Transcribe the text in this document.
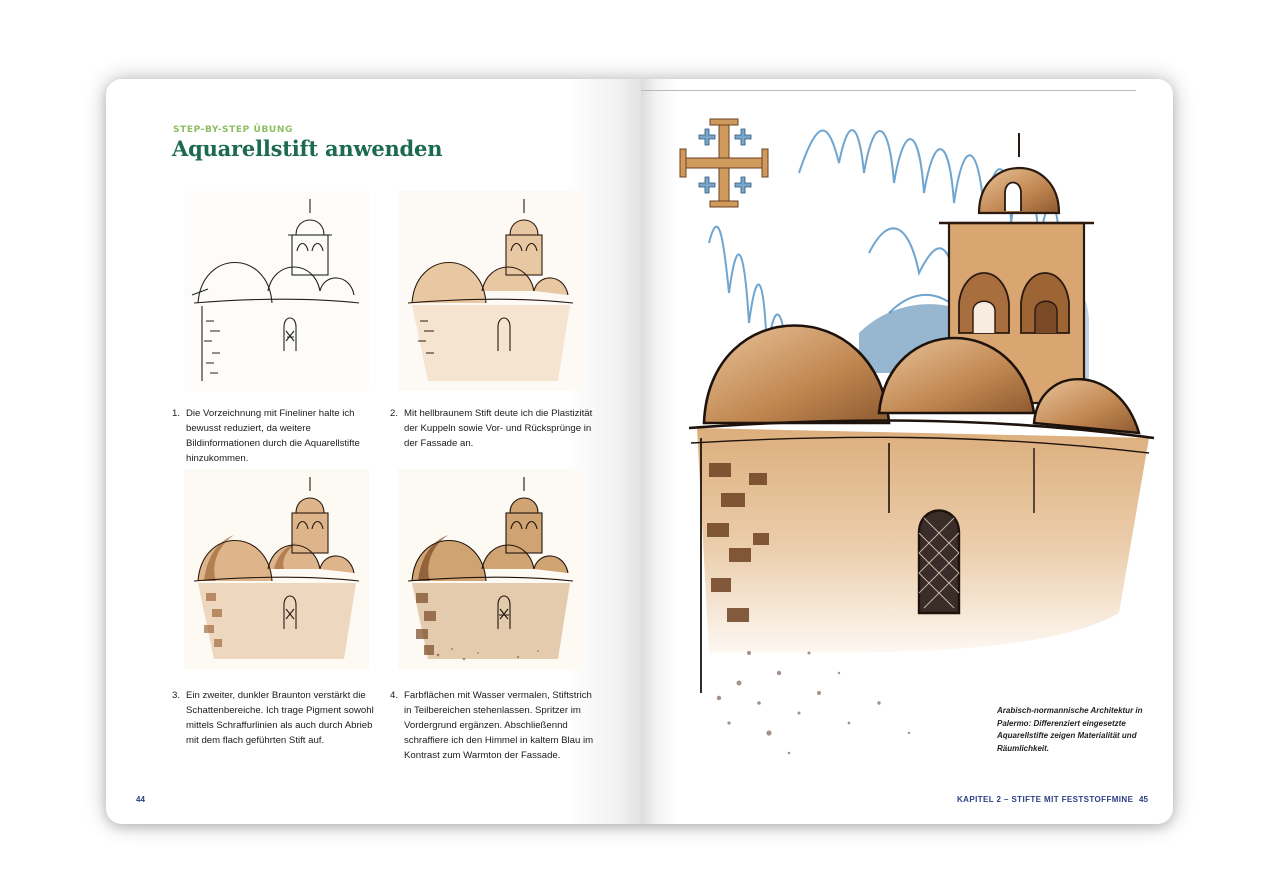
STEP-BY-STEP ÜBUNG
Aquarellstift anwenden
1. Die Vorzeichnung mit Fineliner halte ich bewusst reduziert, da weitere Bildinformationen durch die Aquarellstifte hinzukommen.
2. Mit hellbraunem Stift deute ich die Plastizität der Kuppeln sowie Vor- und Rücksprünge in der Fassade an.
3. Ein zweiter, dunkler Braunton verstärkt die Schattenbereiche. Ich trage Pigment sowohl mittels Schraffurlinien als auch durch Abrieb mit dem flach geführten Stift auf.
4. Farbflächen mit Wasser vermalen, Stiftstrich in Teilbereichen stehenlassen. Spritzer im Vordergrund ergänzen. Abschließennd schraffiere ich den Himmel in kaltem Blau im Kontrast zum Warmton der Fassade.
44
Arabisch-normannische Architektur in Palermo: Differenziert eingesetzte Aquarellstifte zeigen Materialität und Räumlichkeit.
KAPITEL 2 – STIFTE MIT FESTSTOFFMINE 45
